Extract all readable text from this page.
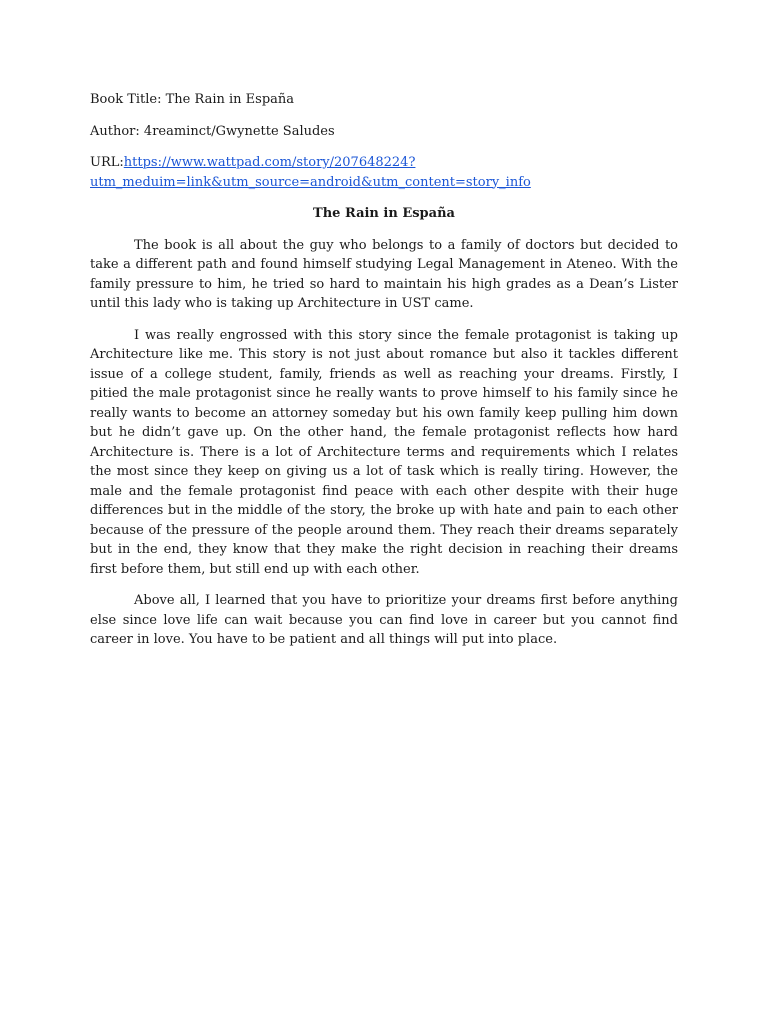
Book Title: The Rain in España

Author: 4reaminct/Gwynette Saludes

URL:https://www.wattpad.com/story/207648224?
utm_meduim=link&utm_source=android&utm_content=story_info

The Rain in España

The book is all about the guy who belongs to a family of doctors but decided to take a different path and found himself studying Legal Management in Ateneo. With the family pressure to him, he tried so hard to maintain his high grades as a Dean’s Lister until this lady who is taking up Architecture in UST came.

I was really engrossed with this story since the female protagonist is taking up Architecture like me. This story is not just about romance but also it tackles different issue of a college student, family, friends as well as reaching your dreams. Firstly, I pitied the male protagonist since he really wants to prove himself to his family since he really wants to become an attorney someday but his own family keep pulling him down but he didn’t gave up. On the other hand, the female protagonist reflects how hard Architecture is. There is a lot of Architecture terms and requirements which I relates the most since they keep on giving us a lot of task which is really tiring. However, the male and the female protagonist find peace with each other despite with their huge differences but in the middle of the story, the broke up with hate and pain to each other because of the pressure of the people around them. They reach their dreams separately but in the end, they know that they make the right decision in reaching their dreams first before them, but still end up with each other.

Above all, I learned that you have to prioritize your dreams first before anything else since love life can wait because you can find love in career but you cannot find career in love. You have to be patient and all things will put into place.
